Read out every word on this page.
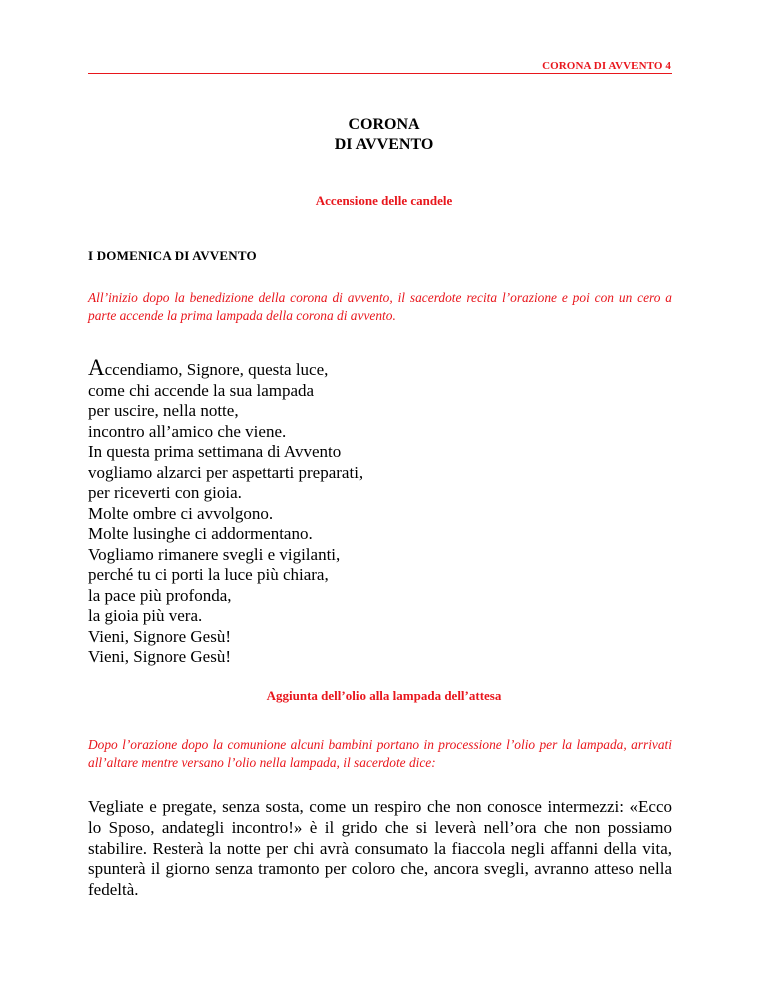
CORONA DI AVVENTO 4
CORONA
DI AVVENTO
Accensione delle candele
I DOMENICA DI AVVENTO
All’inizio dopo la benedizione della corona di avvento, il sacerdote recita l’orazione e poi con un cero a parte accende la prima lampada della corona di avvento.
Accendiamo, Signore, questa luce,
come chi accende la sua lampada
per uscire, nella notte,
incontro all’amico che viene.
In questa prima settimana di Avvento
vogliamo alzarci per aspettarti preparati,
per riceverti con gioia.
Molte ombre ci avvolgono.
Molte lusinghe ci addormentano.
Vogliamo rimanere svegli e vigilanti,
perché tu ci porti la luce più chiara,
la pace più profonda,
la gioia più vera.
Vieni, Signore Gesù!
Vieni, Signore Gesù!
Aggiunta dell’olio alla lampada dell’attesa
Dopo l’orazione dopo la comunione alcuni bambini portano in processione l’olio per la lampada, arrivati all’altare mentre versano l’olio nella lampada, il sacerdote dice:

Vegliate e pregate, senza sosta, come un respiro che non conosce intermezzi: «Ecco lo Sposo, andategli incontro!» è il grido che si leverà nell’ora che non possiamo stabilire. Resterà la notte per chi avrà consumato la fiaccola negli affanni della vita, spunterà il giorno senza tramonto per coloro che, ancora svegli, avranno atteso nella fedeltà.
